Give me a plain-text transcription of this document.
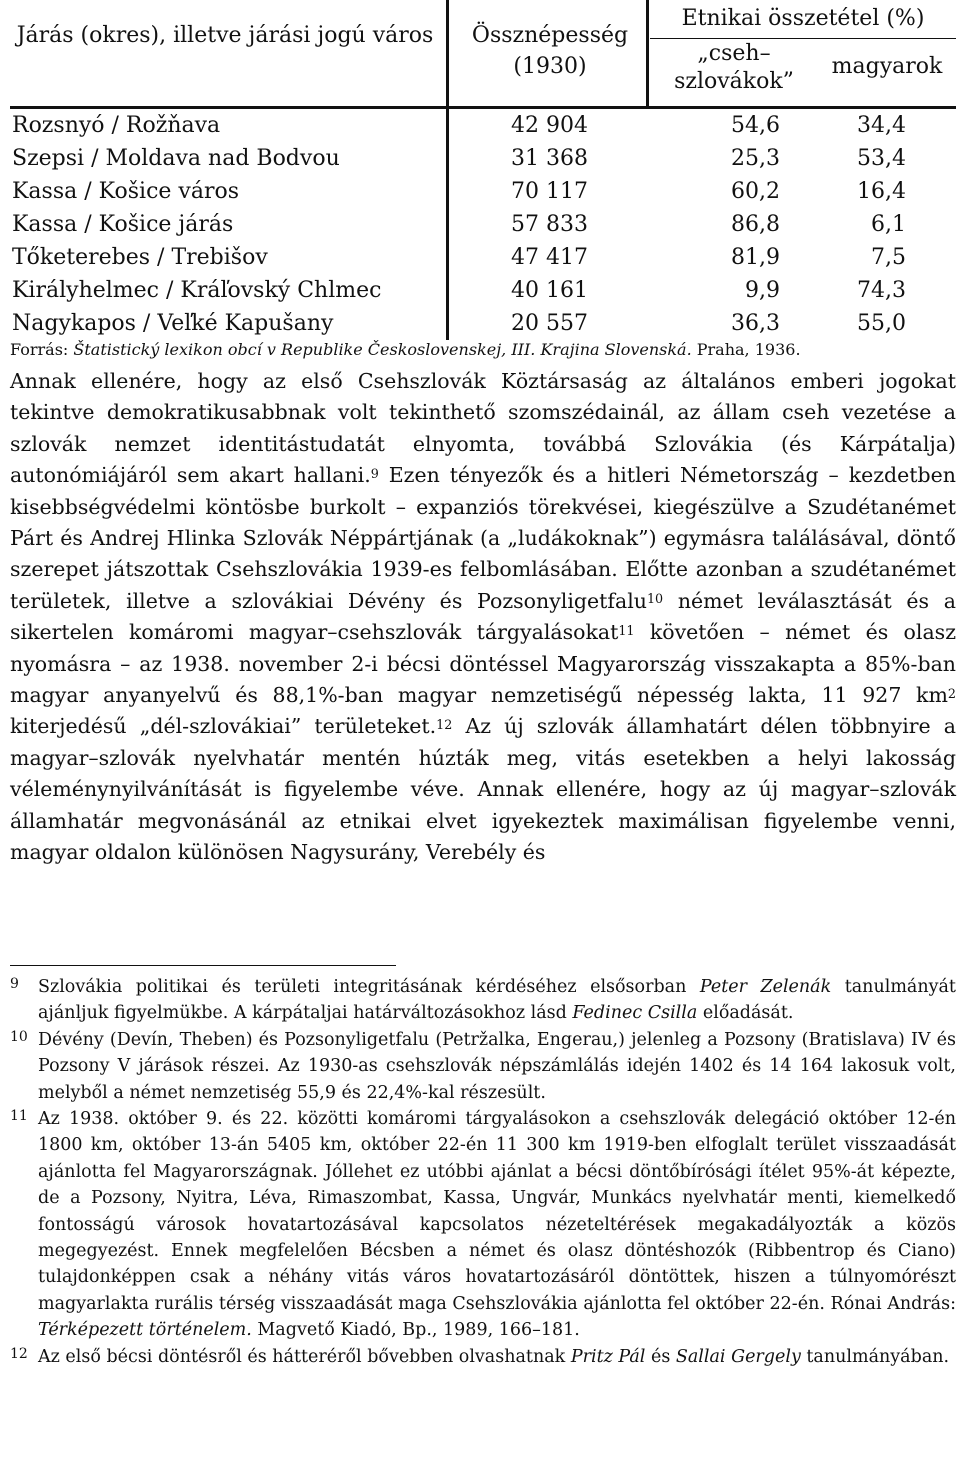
Járás (okres), illetve járási jogú város	Össznépesség (1930)
Etnikai összetétel (%)
„cseh–szlovákok”
magyarok
Rozsnyó / Rožňava	42 904	54,6	34,4
Szepsi / Moldava nad Bodvou	31 368	25,3	53,4
Kassa / Košice város	70 117	60,2	16,4
Kassa / Košice járás	57 833	86,8	6,1
Tőketerebes / Trebišov	47 417	81,9	7,5
Királyhelmec / Kráľovský Chlmec	40 161	9,9	74,3
Nagykapos / Veľké Kapušany	20 557	36,3	55,0
Forrás: Štatistický lexikon obcí v Republike Československej, III. Krajina Slovenská. Praha, 1936.

Annak ellenére, hogy az első Csehszlovák Köztársaság az általános emberi jogokat tekintve demokratikusabbnak volt tekinthető szomszédainál, az állam cseh vezetése a szlovák nemzet identitástudatát elnyomta, továbbá Szlovákia (és Kárpátalja) autonómiájáról sem akart hallani.$^9$ Ezen tényezők és a hitleri Németország – kezdetben kisebbségvédelmi köntösbe burkolt – expanziós törekvései, kiegészülve a Szudétanémet Párt és Andrej Hlinka Szlovák Néppártjának (a „ludákoknak”) egymásra találásával, döntő szerepet játszottak Csehszlovákia 1939-es felbomlásában. Előtte azonban a szudétanémet területek, illetve a szlovákiai Dévény és Pozsonyligetfalu$^{10}$ német leválasztását és a sikertelen komáromi magyar–csehszlovák tárgyalásokat$^{11}$ követően – német és olasz nyomásra – az 1938. november 2-i bécsi döntéssel Magyarország visszakapta a 85%-ban magyar anyanyelvű és 88,1%-ban magyar nemzetiségű népesség lakta, 11 927 $km^2$ kiterjedésű „dél-szlovákiai” területeket.$^{12}$ Az új szlovák államhatárt délen többnyire a magyar–szlovák nyelvhatár mentén húzták meg, vitás esetekben a helyi lakosság véleménynyilvánítását is figyelembe véve. Annak ellenére, hogy az új magyar–szlovák államhatár megvonásánál az etnikai elvet igyekeztek maximálisan figyelembe venni, magyar oldalon különösen Nagysurány, Verebély és

9 Szlovákia politikai és területi integritásának kérdéséhez elsősorban Peter Zelenák tanulmányát ajánljuk figyelmükbe. A kárpátaljai határváltozásokhoz lásd Fedinec Csilla előadását.

10 Dévény (Devín, Theben) és Pozsonyligetfalu (Petržalka, Engerau,) jelenleg a Pozsony (Bratislava) IV és Pozsony V járások részei. Az 1930-as csehszlovák népszámlálás idején 1402 és 14 164 lakosuk volt, melyből a német nemzetiség 55,9 és 22,4%-kal részesült.

11 Az 1938. október 9. és 22. közötti komáromi tárgyalásokon a csehszlovák delegáció október 12-én 1800 km, október 13-án 5405 km, október 22-én 11 300 km 1919-ben elfoglalt terület visszaadását ajánlotta fel Magyarországnak. Jóllehet ez utóbbi ajánlat a bécsi döntőbírósági ítélet 95%-át képezte, de a Pozsony, Nyitra, Léva, Rimaszombat, Kassa, Ungvár, Munkács nyelvhatár menti, kiemelkedő fontosságú városok hovatartozásával kapcsolatos nézeteltérések megakadályozták a közös megegyezést. Ennek megfelelően Bécsben a német és olasz döntéshozók (Ribbentrop és Ciano) tulajdonképpen csak a néhány vitás város hovatartozásáról döntöttek, hiszen a túlnyomórészt magyarlakta rurális térség visszaadását maga Csehszlovákia ajánlotta fel október 22-én. Rónai András: Térképezett történelem. Magvető Kiadó, Bp., 1989, 166–181.

12 Az első bécsi döntésről és hátteréről bővebben olvashatnak Pritz Pál és Sallai Gergely tanulmányában.
